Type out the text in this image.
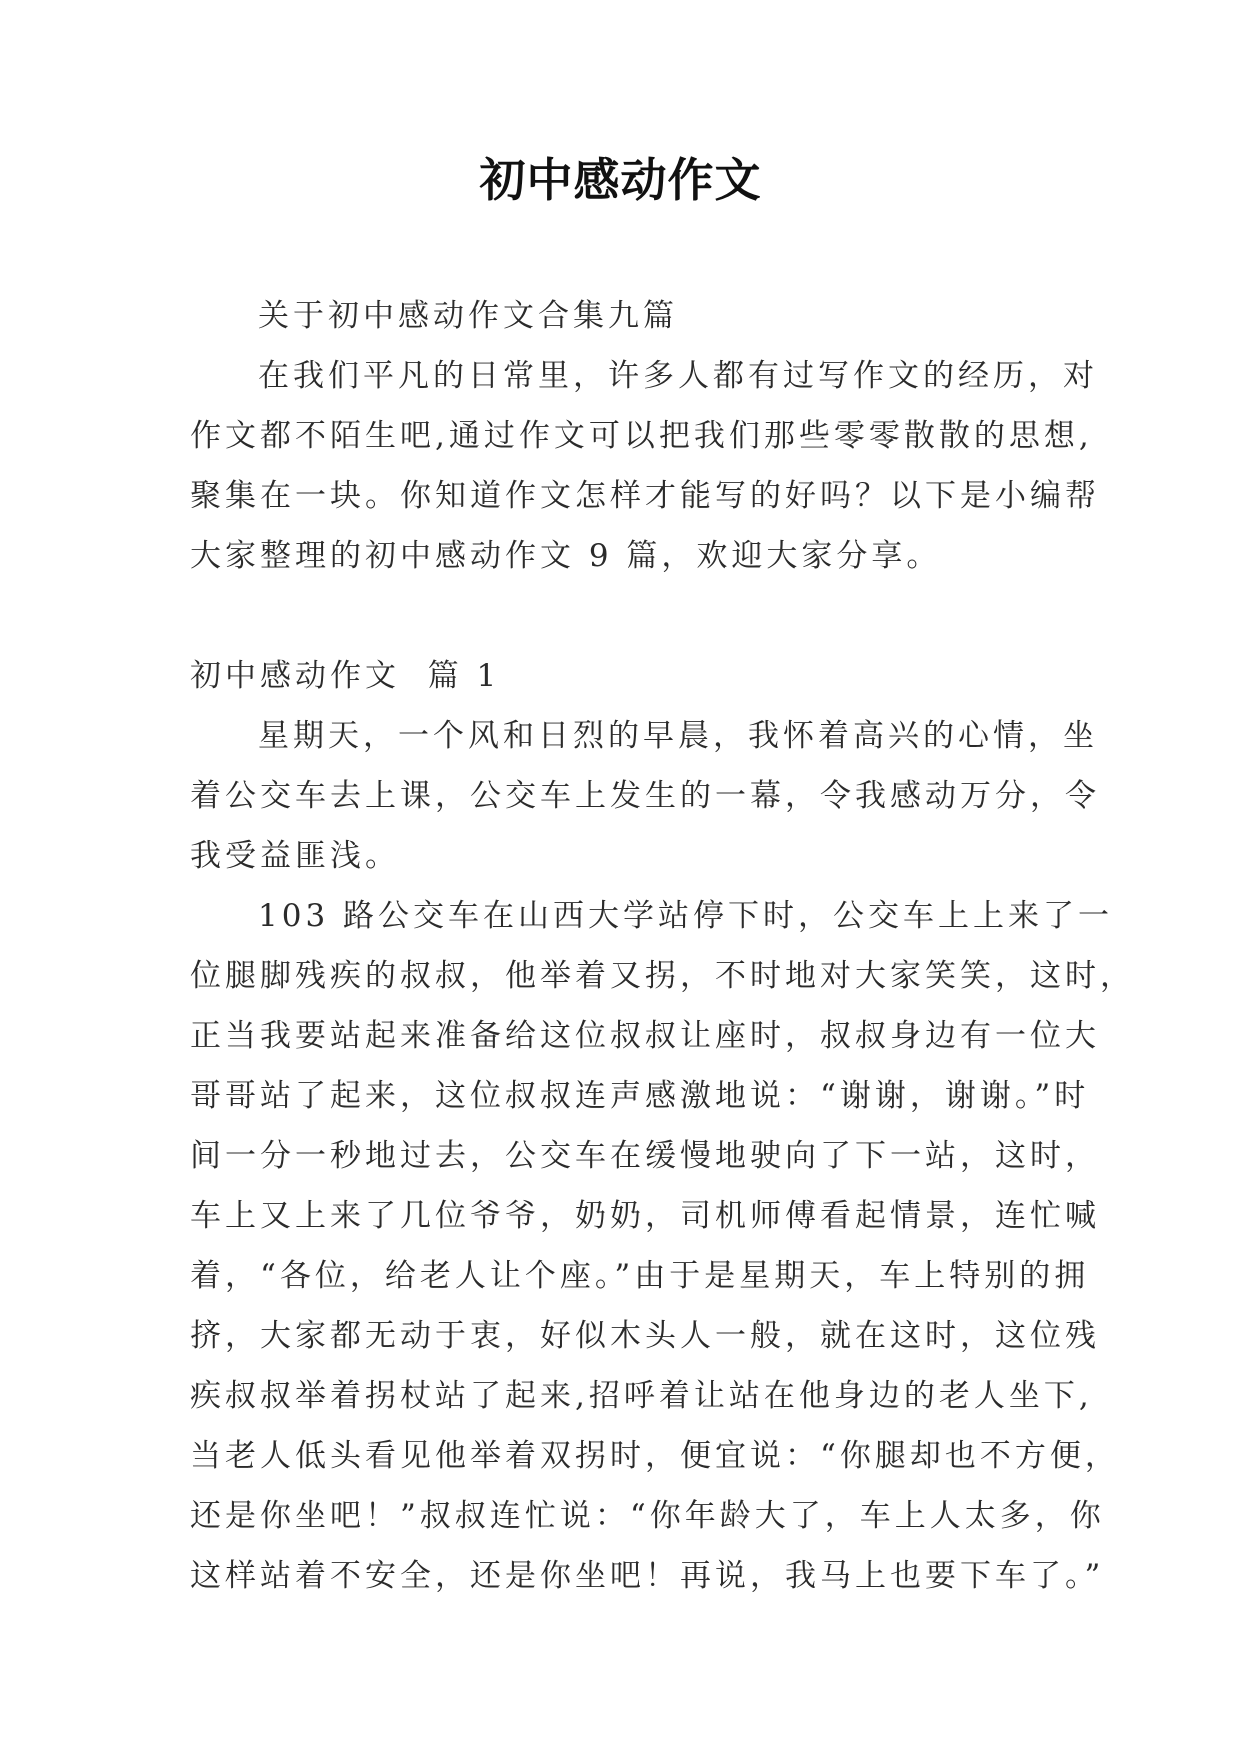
初中感动作文
关于初中感动作文合集九篇
在我们平凡的日常里，许多人都有过写作文的经历，对
作文都不陌生吧,通过作文可以把我们那些零零散散的思想,
聚集在一块。你知道作文怎样才能写的好吗？以下是小编帮
大家整理的初中感动作文 9 篇，欢迎大家分享。
初中感动作文  篇 1
星期天，一个风和日烈的早晨，我怀着高兴的心情，坐
着公交车去上课，公交车上发生的一幕，令我感动万分，令
我受益匪浅。
103 路公交车在山西大学站停下时，公交车上上来了一
位腿脚残疾的叔叔，他举着又拐，不时地对大家笑笑，这时，
正当我要站起来准备给这位叔叔让座时，叔叔身边有一位大
哥哥站了起来，这位叔叔连声感激地说：“谢谢，谢谢。”时
间一分一秒地过去，公交车在缓慢地驶向了下一站，这时，
车上又上来了几位爷爷，奶奶，司机师傅看起情景，连忙喊
着，“各位，给老人让个座。”由于是星期天，车上特别的拥
挤，大家都无动于衷，好似木头人一般，就在这时，这位残
疾叔叔举着拐杖站了起来,招呼着让站在他身边的老人坐下,
当老人低头看见他举着双拐时，便宜说：“你腿却也不方便，
还是你坐吧！”叔叔连忙说：“你年龄大了，车上人太多，你
这样站着不安全，还是你坐吧！再说，我马上也要下车了。”
